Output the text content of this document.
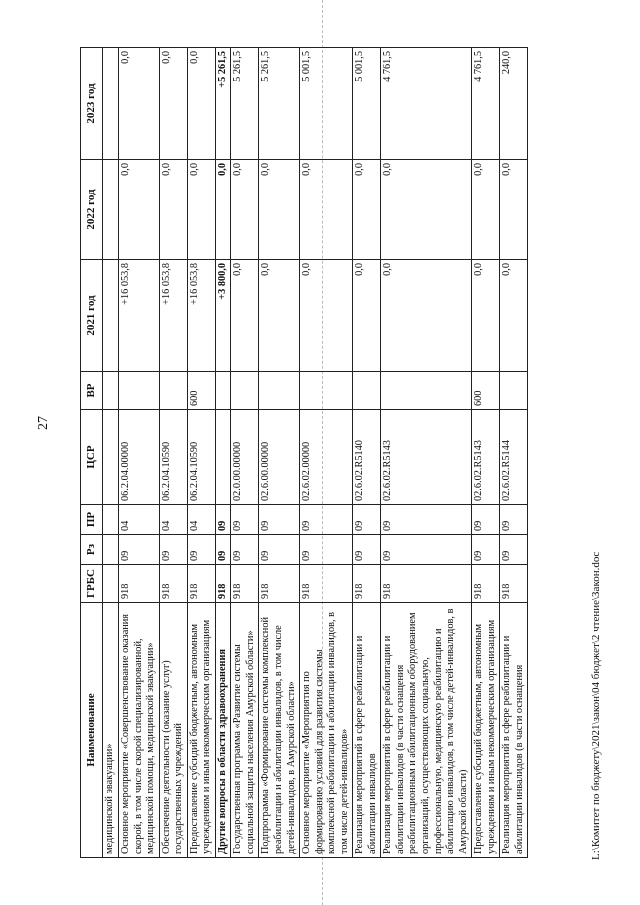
27
Наименование	ГРБС	Рз	ПР	ЦСР	ВР	2021 год	2022 год	2023 год
медицинской эвакуации»								
Основное мероприятие «Совершенствование оказания скорой, в том числе скорой специализированной, медицинской помощи, медицинской эвакуации»	918	09	04	06.2.04.00000		+16 053,8	0,0	0,0
Обеспечение деятельности (оказание услуг) государственных учреждений	918	09	04	06.2.04.10590		+16 053,8	0,0	0,0
Предоставление субсидий бюджетным, автономным учреждениям и иным некоммерческим организациям	918	09	04	06.2.04.10590	600	+16 053,8	0,0	0,0
Другие вопросы в области здравоохранения	918	09	09			+3 800,0	0,0	+5 261,5
Государственная программа «Развитие системы социальной защиты населения Амурской области»	918	09	09	02.0.00.00000		0,0	0,0	5 261,5
Подпрограмма «Формирование системы комплексной реабилитации и абилитации инвалидов, в том числе детей-инвалидов, в Амурской области»	918	09	09	02.6.00.00000		0,0	0,0	5 261,5
Основное мероприятие «Мероприятия по формированию условий для развития системы комплексной реабилитации и абилитации инвалидов, в том числе детей-инвалидов»	918	09	09	02.6.02.00000		0,0	0,0	5 001,5
Реализация мероприятий в сфере реабилитации и абилитации инвалидов	918	09	09	02.6.02.R5140		0,0	0,0	5 001,5
Реализация мероприятий в сфере реабилитации и абилитации инвалидов (в части оснащения реабилитационным и абилитационным оборудованием организаций, осуществляющих социальную, профессиональную, медицинскую реабилитацию и абилитацию инвалидов, в том числе детей-инвалидов, в Амурской области)	918	09	09	02.6.02.R5143		0,0	0,0	4 761,5
Предоставление субсидий бюджетным, автономным учреждениям и иным некоммерческим организациям	918	09	09	02.6.02.R5143	600	0,0	0,0	4 761,5
Реализация мероприятий в сфере реабилитации и абилитации инвалидов (в части оснащения	918	09	09	02.6.02.R5144		0,0	0,0	240,0
L:\Комитет по бюджету\2021\закон\04 бюджет\2 чтение\Закон.doc
